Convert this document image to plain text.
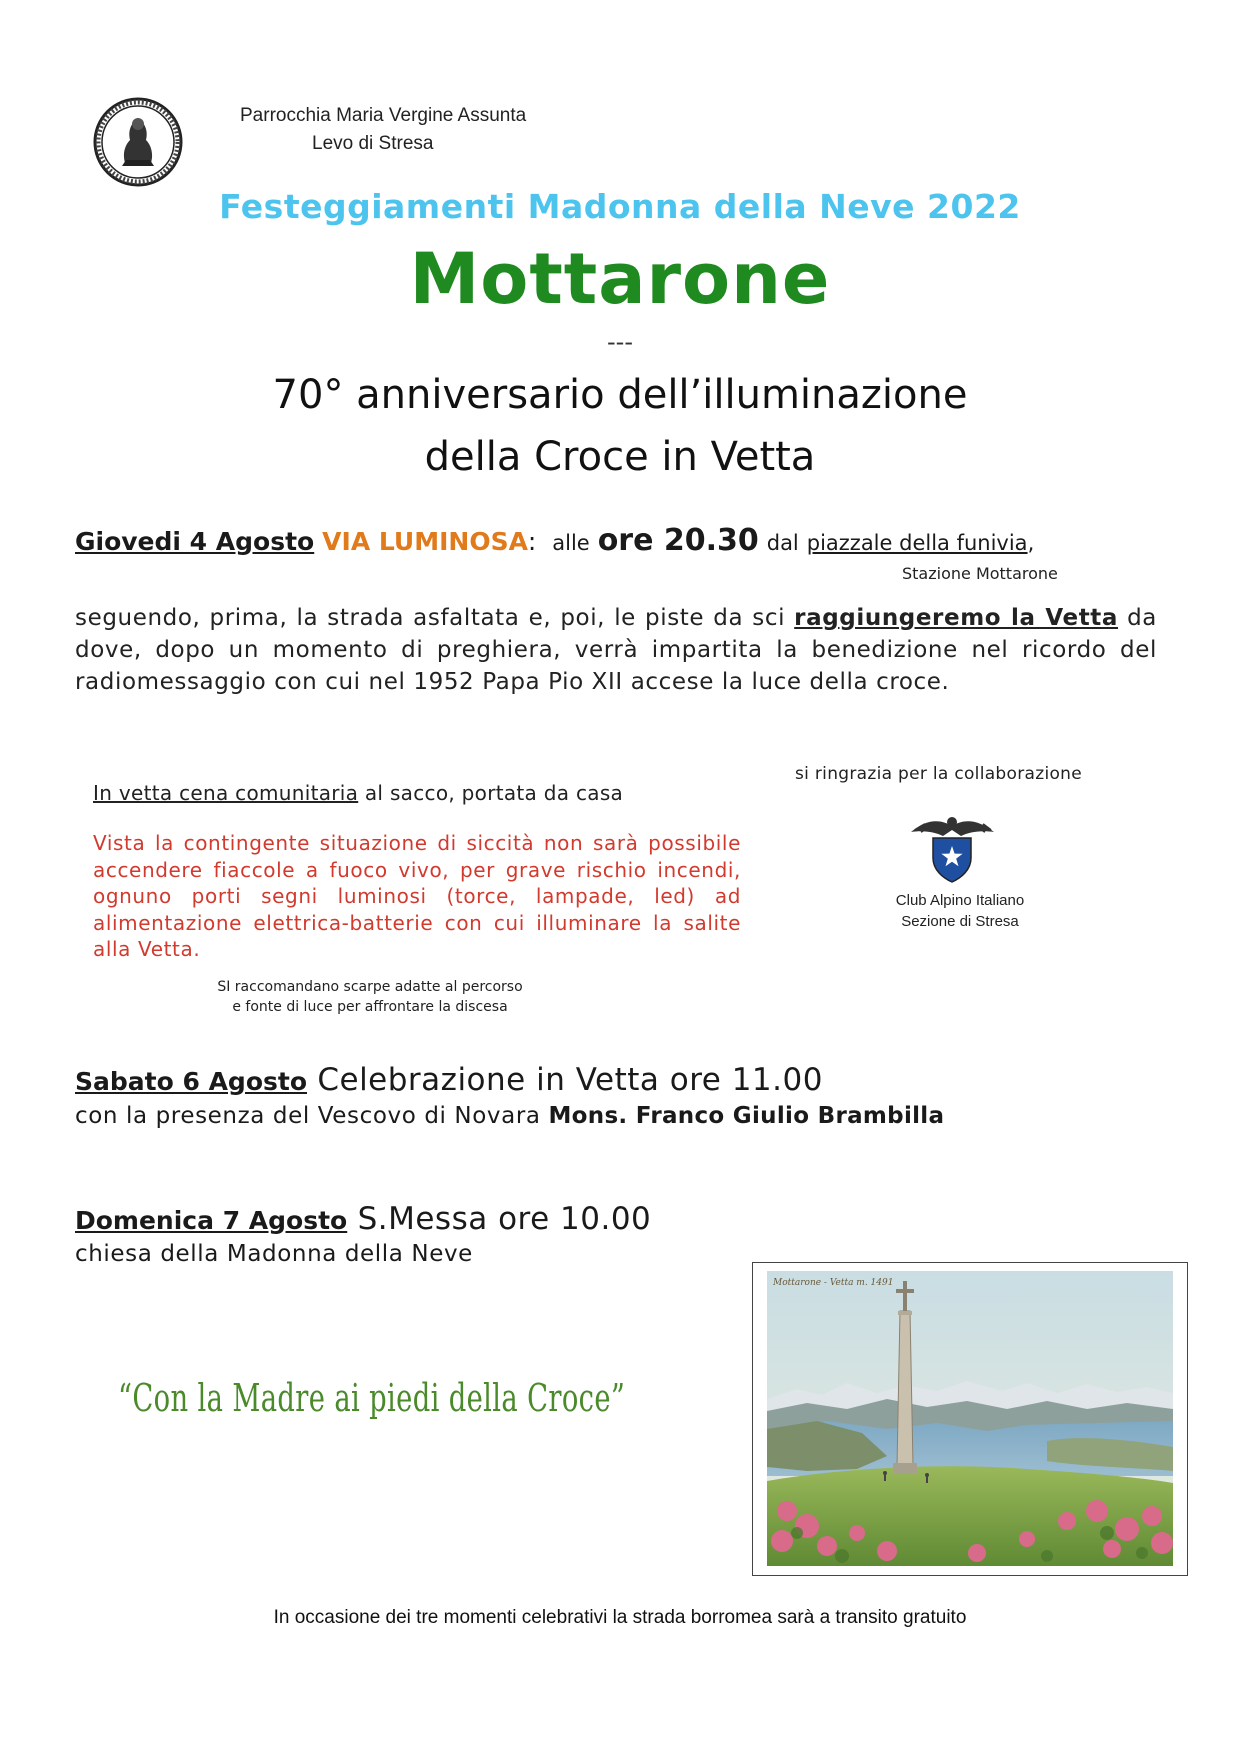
Parrocchia Maria Vergine Assunta
Levo di Stresa
Festeggiamenti Madonna della Neve 2022
Mottarone
---
70° anniversario dell’illuminazione
della Croce in Vetta
Giovedi 4 Agosto VIA LUMINOSA: alle ore 20.30 dal piazzale della funivia,
Stazione Mottarone
seguendo, prima, la strada asfaltata e, poi, le piste da sci raggiungeremo la Vetta da dove, dopo un momento di preghiera, verrà impartita la benedizione nel ricordo del radiomessaggio con cui nel 1952 Papa Pio XII accese la luce della croce.
In vetta cena comunitaria al sacco, portata da casa
Vista la contingente situazione di siccità non sarà possibile accendere fiaccole a fuoco vivo, per grave rischio incendi, ognuno porti segni luminosi (torce, lampade, led) ad alimentazione elettrica-batterie con cui illuminare la salite alla Vetta.
SI raccomandano scarpe adatte al percorso
e fonte di luce per affrontare la discesa
si ringrazia per la collaborazione
Club Alpino Italiano
Sezione di Stresa
Sabato 6 Agosto Celebrazione in Vetta ore 11.00
con la presenza del Vescovo di Novara Mons. Franco Giulio Brambilla
Domenica 7 Agosto S.Messa ore 10.00
chiesa della Madonna della Neve
“Con la Madre ai piedi della Croce”
Mottarone - Vetta m. 1491
In occasione dei tre momenti celebrativi la strada borromea sarà a transito gratuito
